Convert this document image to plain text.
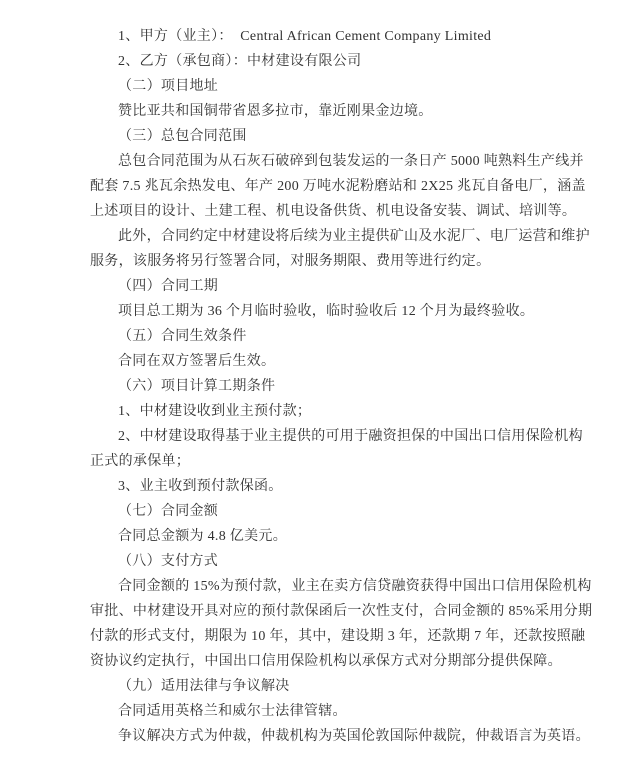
1、甲方（业主）：  Central African Cement Company Limited
2、乙方（承包商）：中材建设有限公司
（二）项目地址
赞比亚共和国铜带省恩多拉市，靠近刚果金边境。
（三）总包合同范围
总包合同范围为从石灰石破碎到包装发运的一条日产 5000 吨熟料生产线并
配套 7.5 兆瓦余热发电、年产 200 万吨水泥粉磨站和 2X25 兆瓦自备电厂，涵盖
上述项目的设计、土建工程、机电设备供货、机电设备安装、调试、培训等。
此外，合同约定中材建设将后续为业主提供矿山及水泥厂、电厂运营和维护
服务，该服务将另行签署合同，对服务期限、费用等进行约定。
（四）合同工期
项目总工期为 36 个月临时验收，临时验收后 12 个月为最终验收。
（五）合同生效条件
合同在双方签署后生效。
（六）项目计算工期条件
1、中材建设收到业主预付款；
2、中材建设取得基于业主提供的可用于融资担保的中国出口信用保险机构
正式的承保单；
3、业主收到预付款保函。
（七）合同金额
合同总金额为 4.8 亿美元。
（八）支付方式
合同金额的 15%为预付款，业主在卖方信贷融资获得中国出口信用保险机构
审批、中材建设开具对应的预付款保函后一次性支付，合同金额的 85%采用分期
付款的形式支付，期限为 10 年，其中，建设期 3 年，还款期 7 年，还款按照融
资协议约定执行，中国出口信用保险机构以承保方式对分期部分提供保障。
（九）适用法律与争议解决
合同适用英格兰和威尔士法律管辖。
争议解决方式为仲裁，仲裁机构为英国伦敦国际仲裁院，仲裁语言为英语。
